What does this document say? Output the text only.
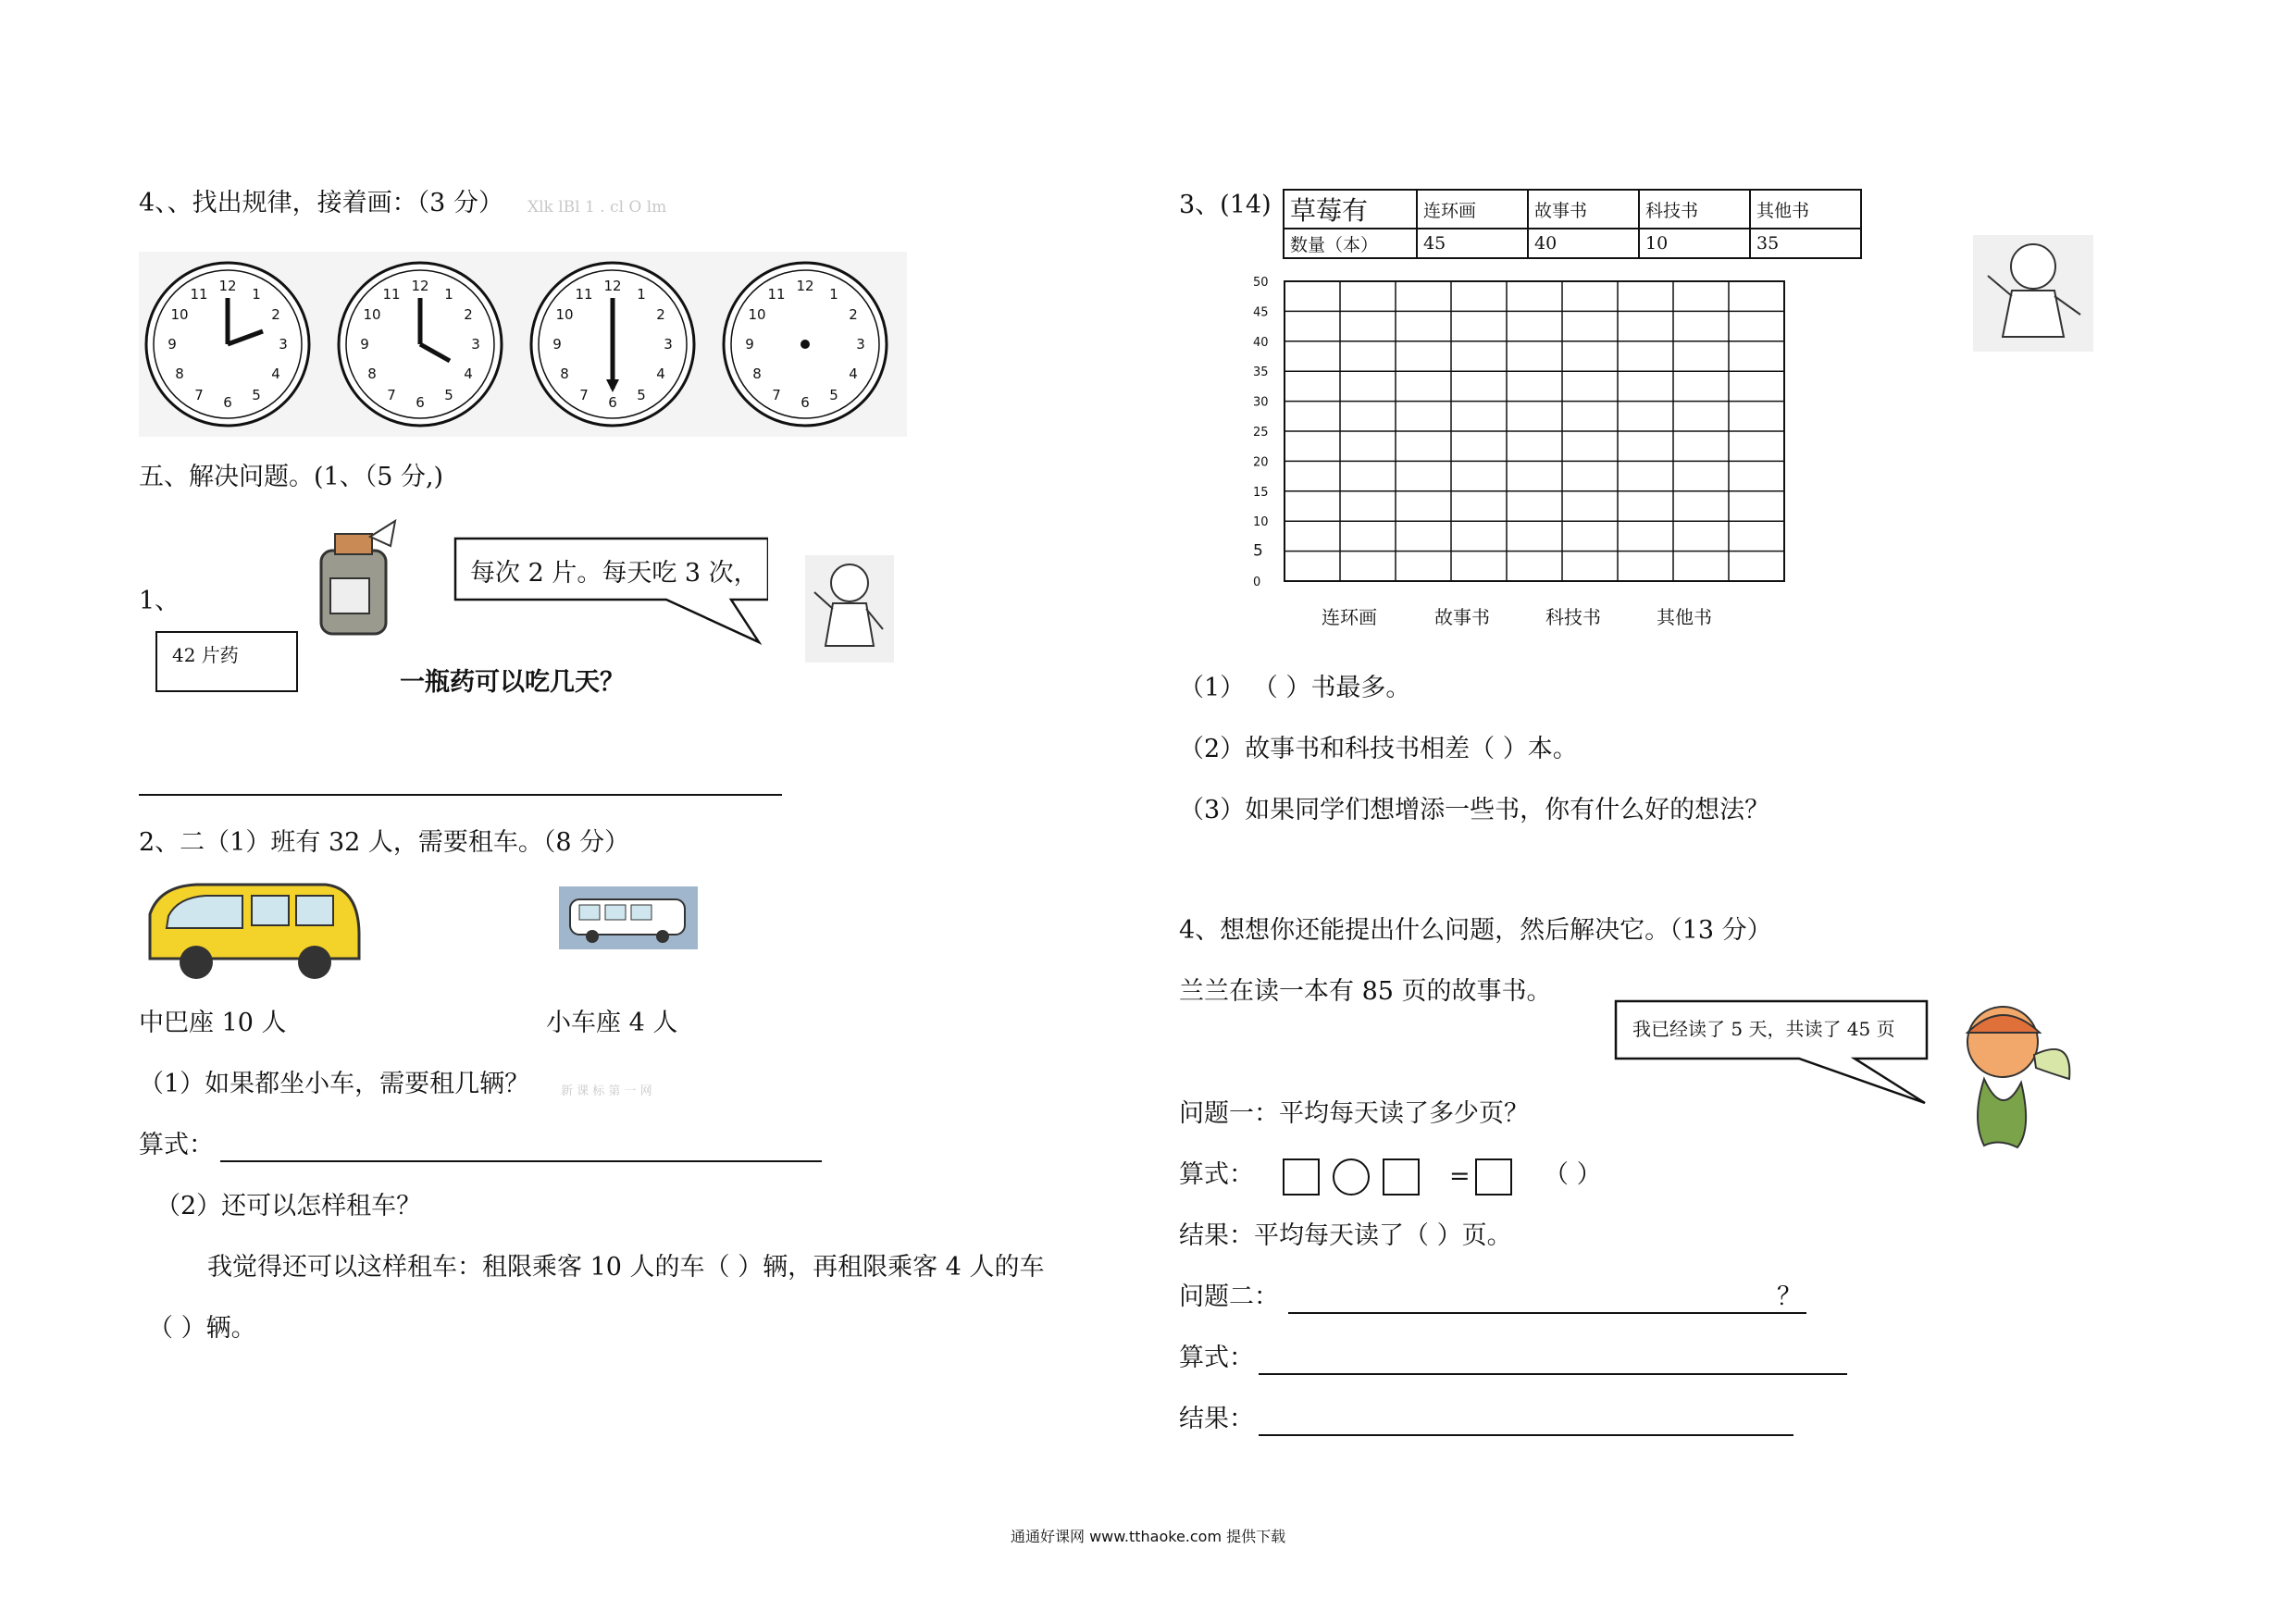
4、、找出规律，接着画：（3 分） Xlk lBl 1 . cl O lm
3
五、解决问题。(1、（5 分,)
1、
42 片药
每次 2 片。每天吃 3 次，
一瓶药可以吃几天？
2、二（1）班有 32 人，需要租车。（8 分）
中巴座 10 人	小车座 4 人
（1）如果都坐小车，需要租几辆？	新 课 标 第 一 网
算式：
（2）还可以怎样租车？
我觉得还可以这样租车：租限乘客 10 人的车（ ）辆，再租限乘客 4 人的车
（ ）辆。
3、(14) 草莓有	连环画	故事书	科技书	其他书
数量（本）	45	40	10	35
0
5
10
15
20
25
30
35
40
45
50
连环画	故事书	科技书	其他书
（1） （ ）书最多。
（2）故事书和科技书相差（ ）本。
（3）如果同学们想增添一些书，你有什么好的想法？
4、想想你还能提出什么问题，然后解决它。（13 分）
兰兰在读一本有 85 页的故事书。
我已经读了 5 天，共读了 45 页
问题一：平均每天读了多少页？
算式：	=	（ ）
结果：平均每天读了（ ）页。
问题二：	？
算式：
结果：
通通好课网 www.tthaoke.com 提供下载
